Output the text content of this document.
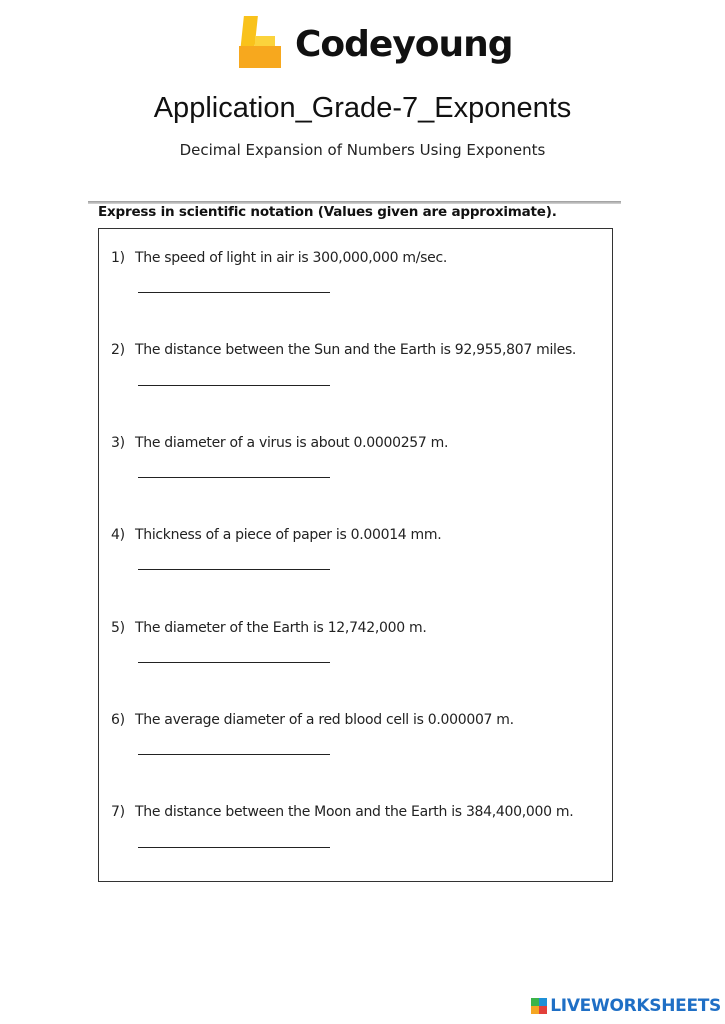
Codeyoung
Application_Grade-7_Exponents
Decimal Expansion of Numbers Using Exponents
Express in scientific notation (Values given are approximate).
1) The speed of light in air is 300,000,000 m/sec.
2) The distance between the Sun and the Earth is 92,955,807 miles.
3) The diameter of a virus is about 0.0000257 m.
4) Thickness of a piece of paper is 0.00014 mm.
5) The diameter of the Earth is 12,742,000 m.
6) The average diameter of a red blood cell is 0.000007 m.
7) The distance between the Moon and the Earth is 384,400,000 m.
LIVEWORKSHEETS
